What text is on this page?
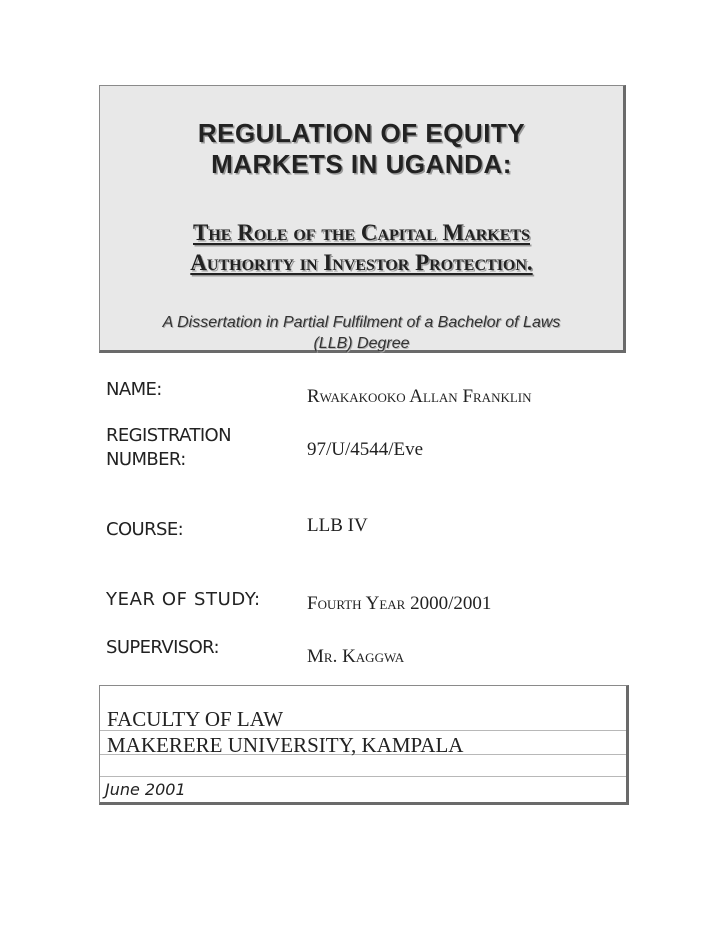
REGULATION OF EQUITY MARKETS IN UGANDA:

The Role of the Capital Markets
Authority in Investor Protection.

A Dissertation in Partial Fulfilment of a Bachelor of Laws
(LLB) Degree

NAME:	Rwakakooko Allan Franklin
REGISTRATION NUMBER:	97/U/4544/Eve
COURSE:	LLB IV
YEAR OF STUDY: Fourth Year 2000/2001
SUPERVISOR:	Mr. Kaggwa
FACULTY OF LAW
MAKERERE UNIVERSITY, KAMPALA
June 2001
